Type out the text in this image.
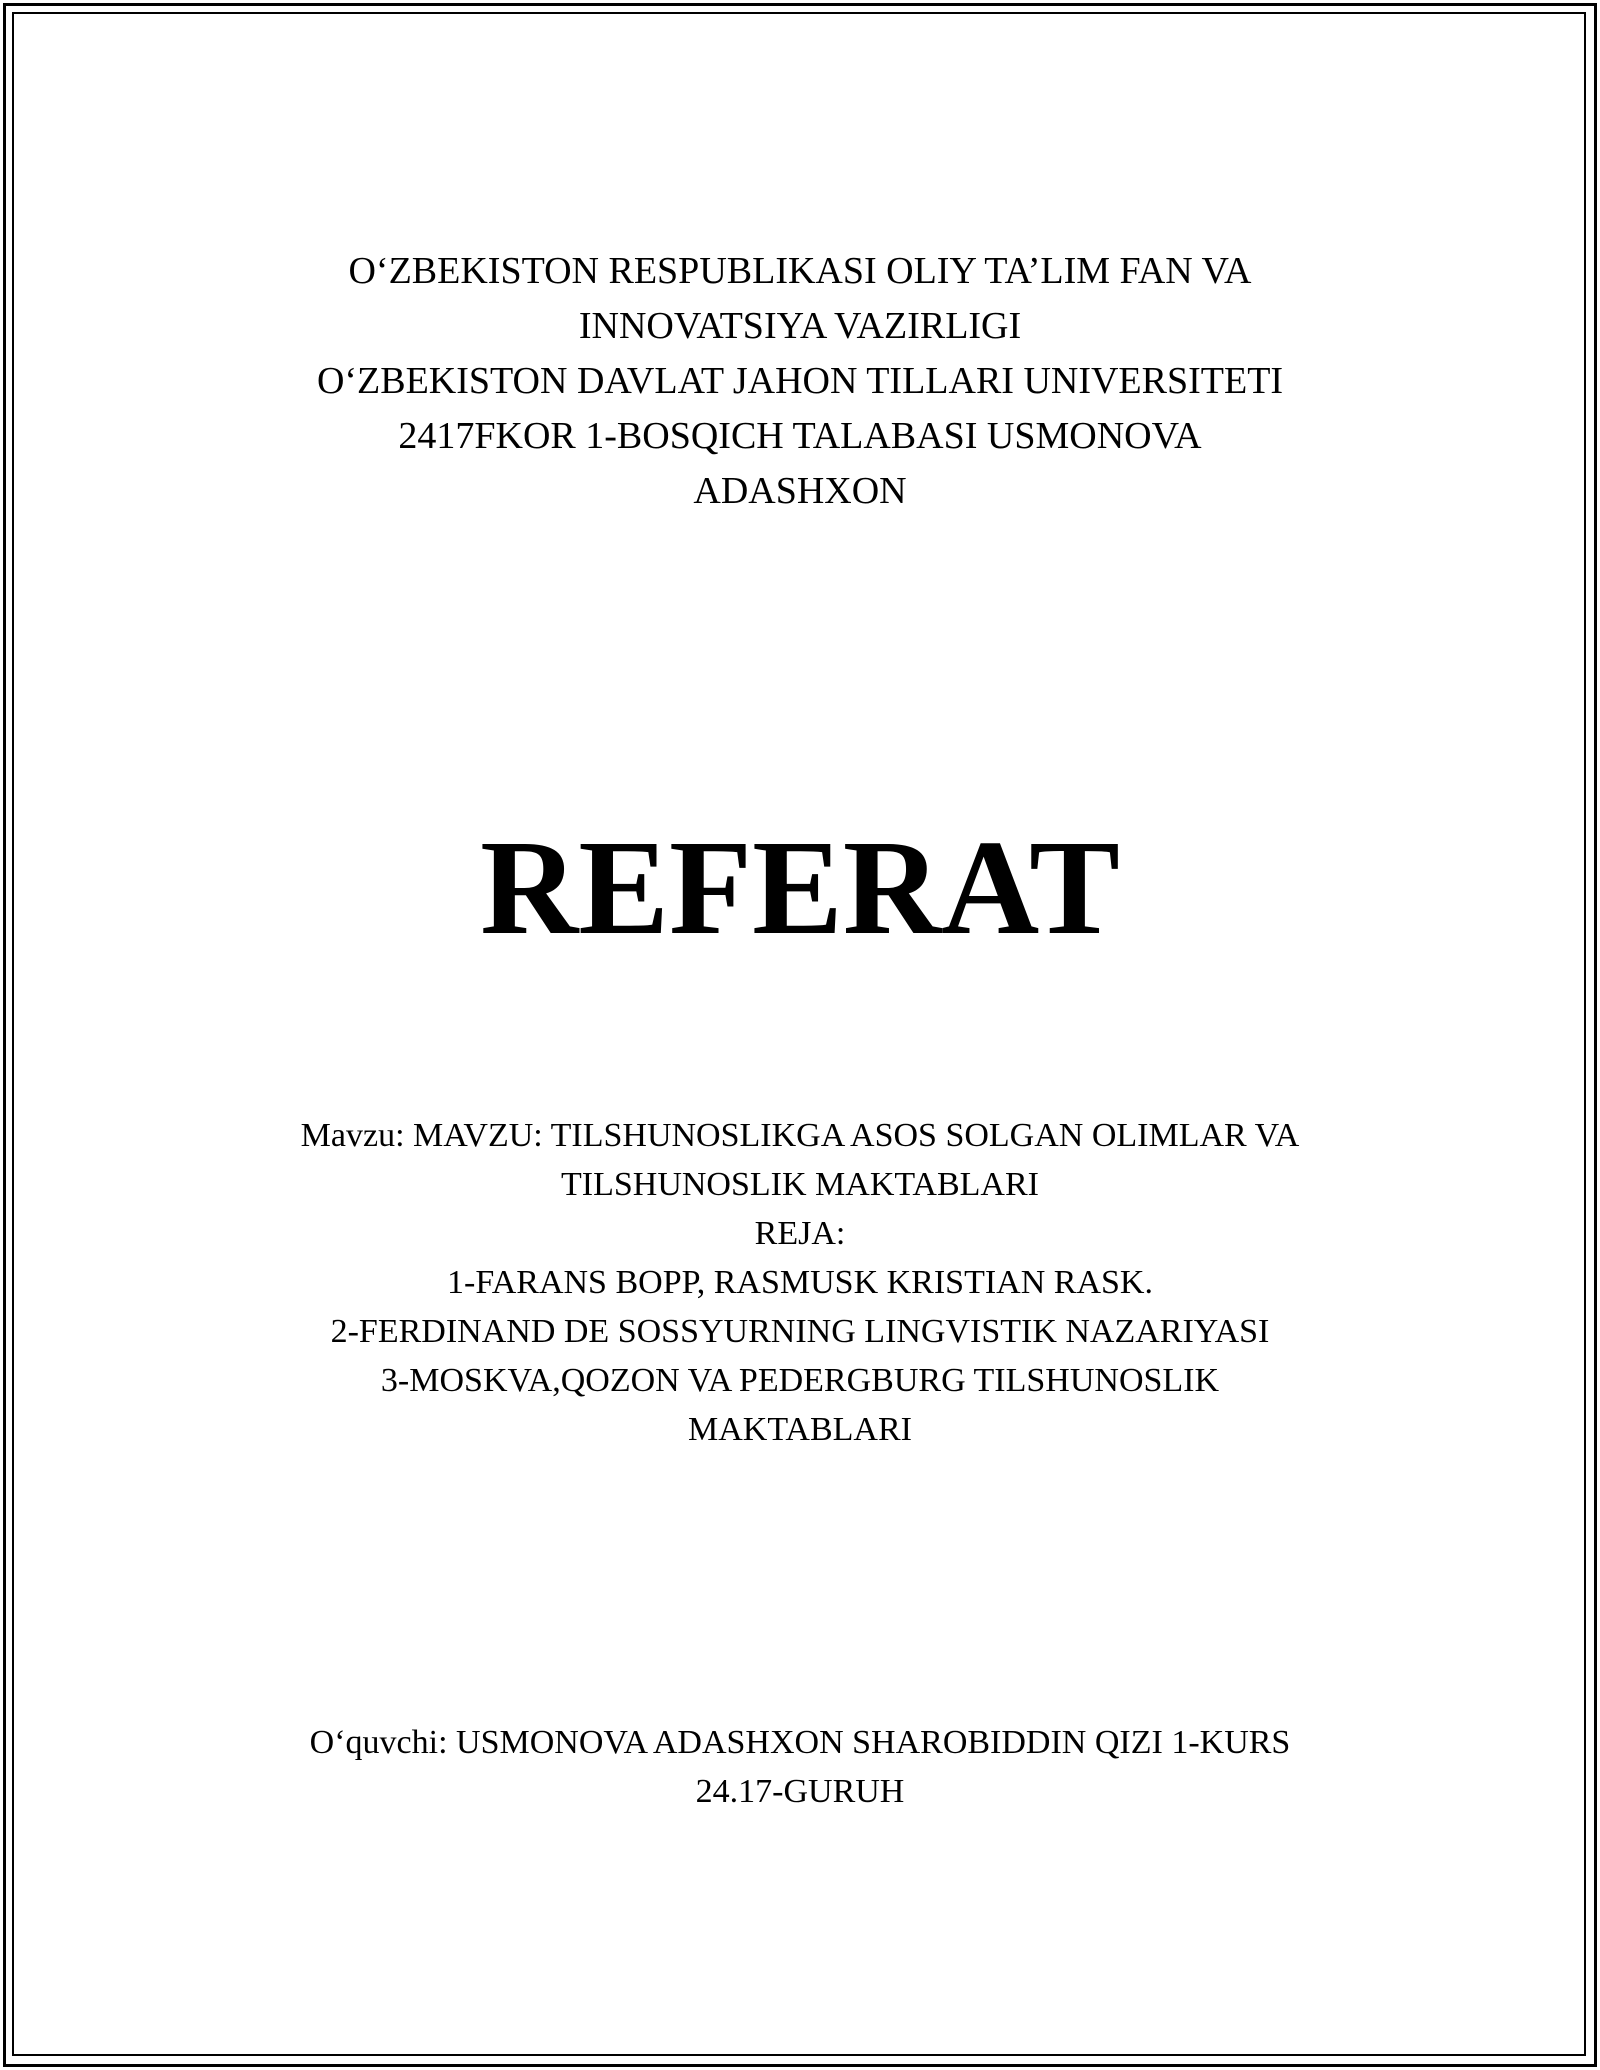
O‘ZBEKISTON RESPUBLIKASI OLIY TA’LIM FAN VA
INNOVATSIYA VAZIRLIGI
O‘ZBEKISTON DAVLAT JAHON TILLARI UNIVERSITETI
2417FKOR 1-BOSQICH TALABASI USMONOVA
ADASHXON
REFERAT
Mavzu: MAVZU: TILSHUNOSLIKGA ASOS SOLGAN OLIMLAR VA
TILSHUNOSLIK MAKTABLARI
REJA:
1-FARANS BOPP, RASMUSK KRISTIAN RASK.
2-FERDINAND DE SOSSYURNING LINGVISTIK NAZARIYASI
3-MOSKVA,QOZON VA PEDERGBURG TILSHUNOSLIK
MAKTABLARI
O‘quvchi: USMONOVA ADASHXON SHAROBIDDIN QIZI 1-KURS
24.17-GURUH
